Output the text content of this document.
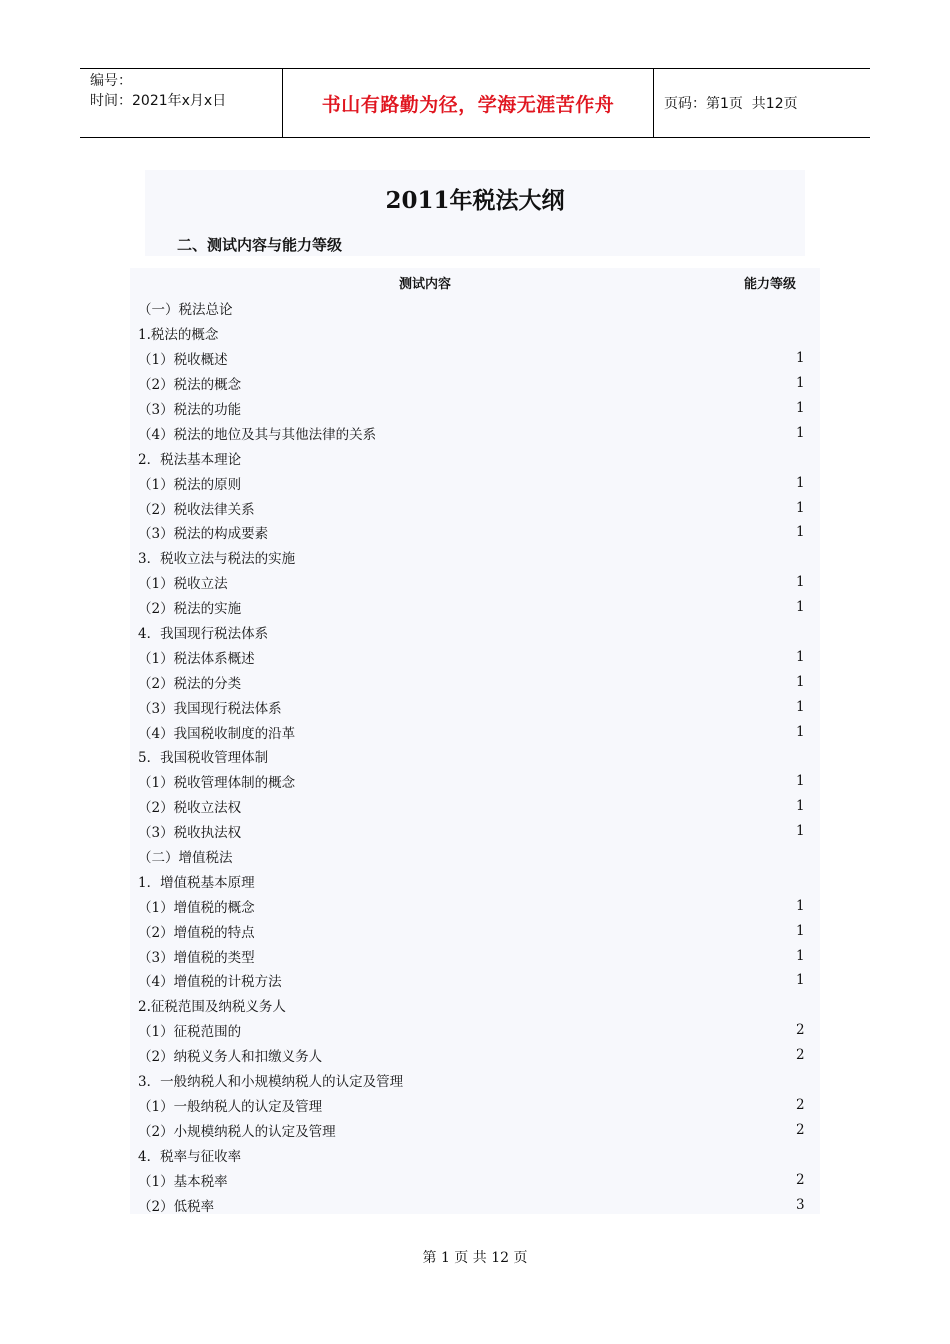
编号：
时间：2021年x月x日	书山有路勤为径，学海无涯苦作舟	页码：第1页  共12页
2011年税法大纲
二、测试内容与能力等级
测试内容	能力等级
（一）税法总论
1.税法的概念
（1）税收概述	1
（2）税法的概念	1
（3）税法的功能	1
（4）税法的地位及其与其他法律的关系	1
2．税法基本理论
（1）税法的原则	1
（2）税收法律关系	1
（3）税法的构成要素	1
3．税收立法与税法的实施
（1）税收立法	1
（2）税法的实施	1
4．我国现行税法体系
（1）税法体系概述	1
（2）税法的分类	1
（3）我国现行税法体系	1
（4）我国税收制度的沿革	1
5．我国税收管理体制
（1）税收管理体制的概念	1
（2）税收立法权	1
（3）税收执法权	1
（二）增值税法
1．增值税基本原理
（1）增值税的概念	1
（2）增值税的特点	1
（3）增值税的类型	1
（4）增值税的计税方法	1
2.征税范围及纳税义务人
（1）征税范围的	2
（2）纳税义务人和扣缴义务人	2
3．一般纳税人和小规模纳税人的认定及管理
（1）一般纳税人的认定及管理	2
（2）小规模纳税人的认定及管理	2
4．税率与征收率
（1）基本税率	2
（2）低税率	3
第 1 页 共 12 页
